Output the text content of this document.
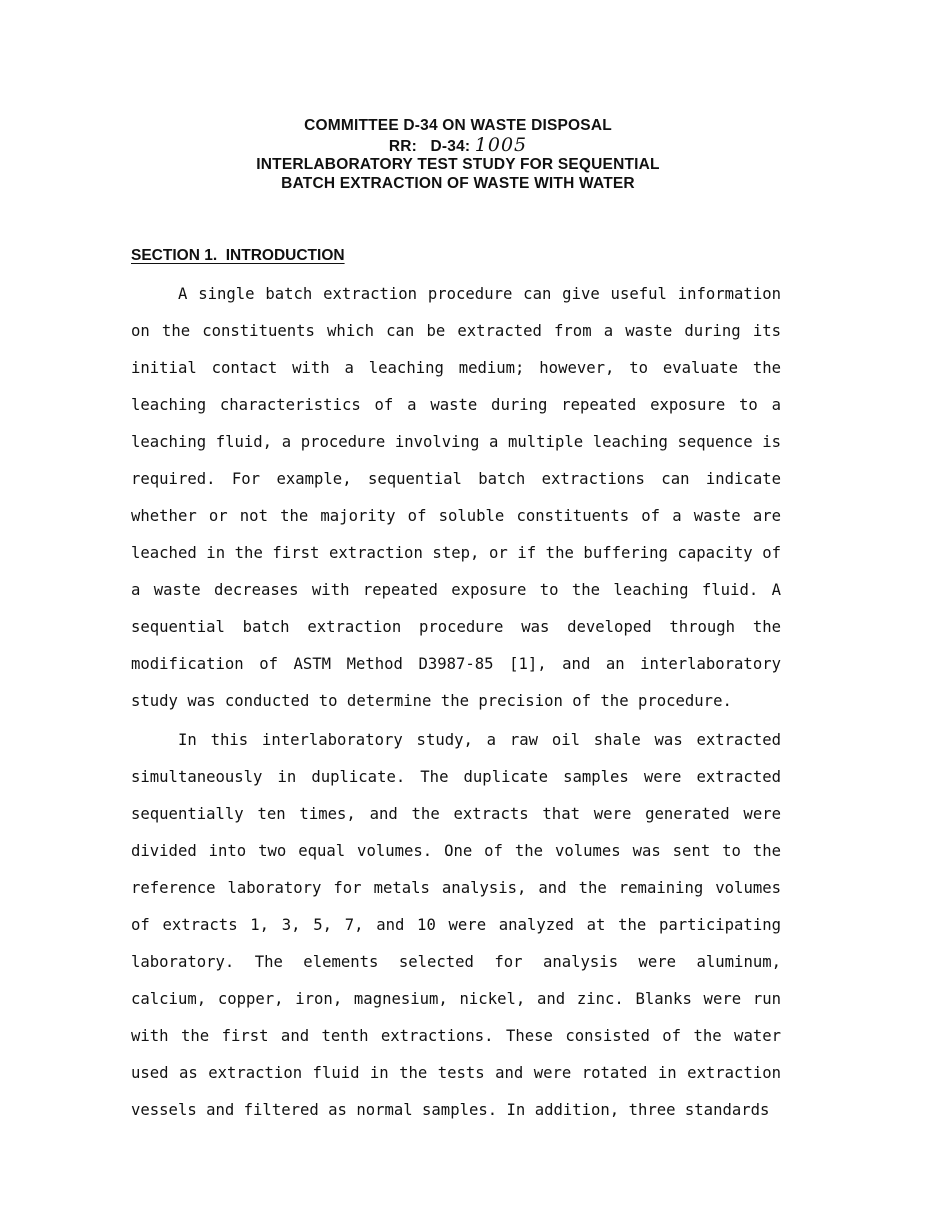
COMMITTEE D-34 ON WASTE DISPOSAL
RR:   D-34: 1005
INTERLABORATORY TEST STUDY FOR SEQUENTIAL
BATCH EXTRACTION OF WASTE WITH WATER
SECTION 1.  INTRODUCTION

A single batch extraction procedure can give useful information on the constituents which can be extracted from a waste during its initial contact with a leaching medium; however, to evaluate the leaching characteristics of a waste during repeated exposure to a leaching fluid, a procedure involving a multiple leaching sequence is required. For example, sequential batch extractions can indicate whether or not the majority of soluble constituents of a waste are leached in the first extraction step, or if the buffering capacity of a waste decreases with repeated exposure to the leaching fluid. A sequential batch extraction procedure was developed through the modification of ASTM Method D3987-85 [1], and an interlaboratory study was conducted to determine the precision of the procedure.

In this interlaboratory study, a raw oil shale was extracted simultaneously in duplicate. The duplicate samples were extracted sequentially ten times, and the extracts that were generated were divided into two equal volumes. One of the volumes was sent to the reference laboratory for metals analysis, and the remaining volumes of extracts 1, 3, 5, 7, and 10 were analyzed at the participating laboratory. The elements selected for analysis were aluminum, calcium, copper, iron, magnesium, nickel, and zinc. Blanks were run with the first and tenth extractions. These consisted of the water used as extraction fluid in the tests and were rotated in extraction vessels and filtered as normal samples. In addition, three standards
